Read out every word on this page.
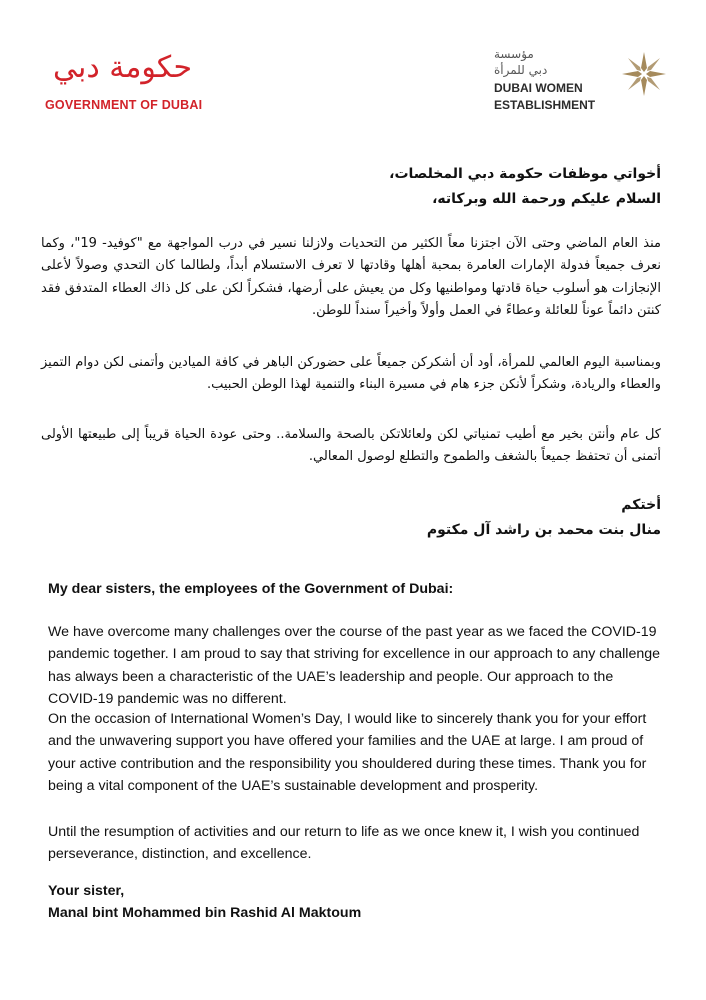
حكومة دبي
GOVERNMENT OF DUBAI
مؤسسة
دبي للمرأة
DUBAI WOMEN
ESTABLISHMENT
أخواتي موظفات حكومة دبي المخلصات،
السلام عليكم ورحمة الله وبركاته،
منذ العام الماضي وحتى الآن اجتزنا معاً الكثير من التحديات ولازلنا نسير في درب المواجهة مع "كوفيد- 19"، وكما نعرف جميعاً فدولة الإمارات العامرة بمحبة أهلها وقادتها لا تعرف الاستسلام أبداً، ولطالما كان التحدي وصولاً لأعلى الإنجازات هو أسلوب حياة قادتها ومواطنيها وكل من يعيش على أرضها، فشكراً لكن على كل ذاك العطاء المتدفق فقد كنتن دائماً عوناً للعائلة وعطاءً في العمل وأولاً وأخيراً سنداً للوطن.
وبمناسبة اليوم العالمي للمرأة، أود أن أشكركن جميعاً على حضوركن الباهر في كافة الميادين وأتمنى لكن دوام التميز والعطاء والريادة، وشكراً لأنكن جزء هام في مسيرة البناء والتنمية لهذا الوطن الحبيب.
كل عام وأنتن بخير مع أطيب تمنياتي لكن ولعائلاتكن بالصحة والسلامة.. وحتى عودة الحياة قريباً إلى طبيعتها الأولى أتمنى أن تحتفظ جميعاً بالشغف والطموح والتطلع لوصول المعالي.
أختكم
منال بنت محمد بن راشد آل مكتوم
My dear sisters, the employees of the Government of Dubai:
We have overcome many challenges over the course of the past year as we faced the COVID-19
pandemic together. I am proud to say that striving for excellence in our approach to any challenge
has always been a characteristic of the UAE’s leadership and people. Our approach to the
COVID-19 pandemic was no different.
On the occasion of International Women’s Day, I would like to sincerely thank you for your effort
and the unwavering support you have offered your families and the UAE at large. I am proud of
your active contribution and the responsibility you shouldered during these times. Thank you for
being a vital component of the UAE’s sustainable development and prosperity.
Until the resumption of activities and our return to life as we once knew it, I wish you continued
perseverance, distinction, and excellence.
Your sister,
Manal bint Mohammed bin Rashid Al Maktoum
